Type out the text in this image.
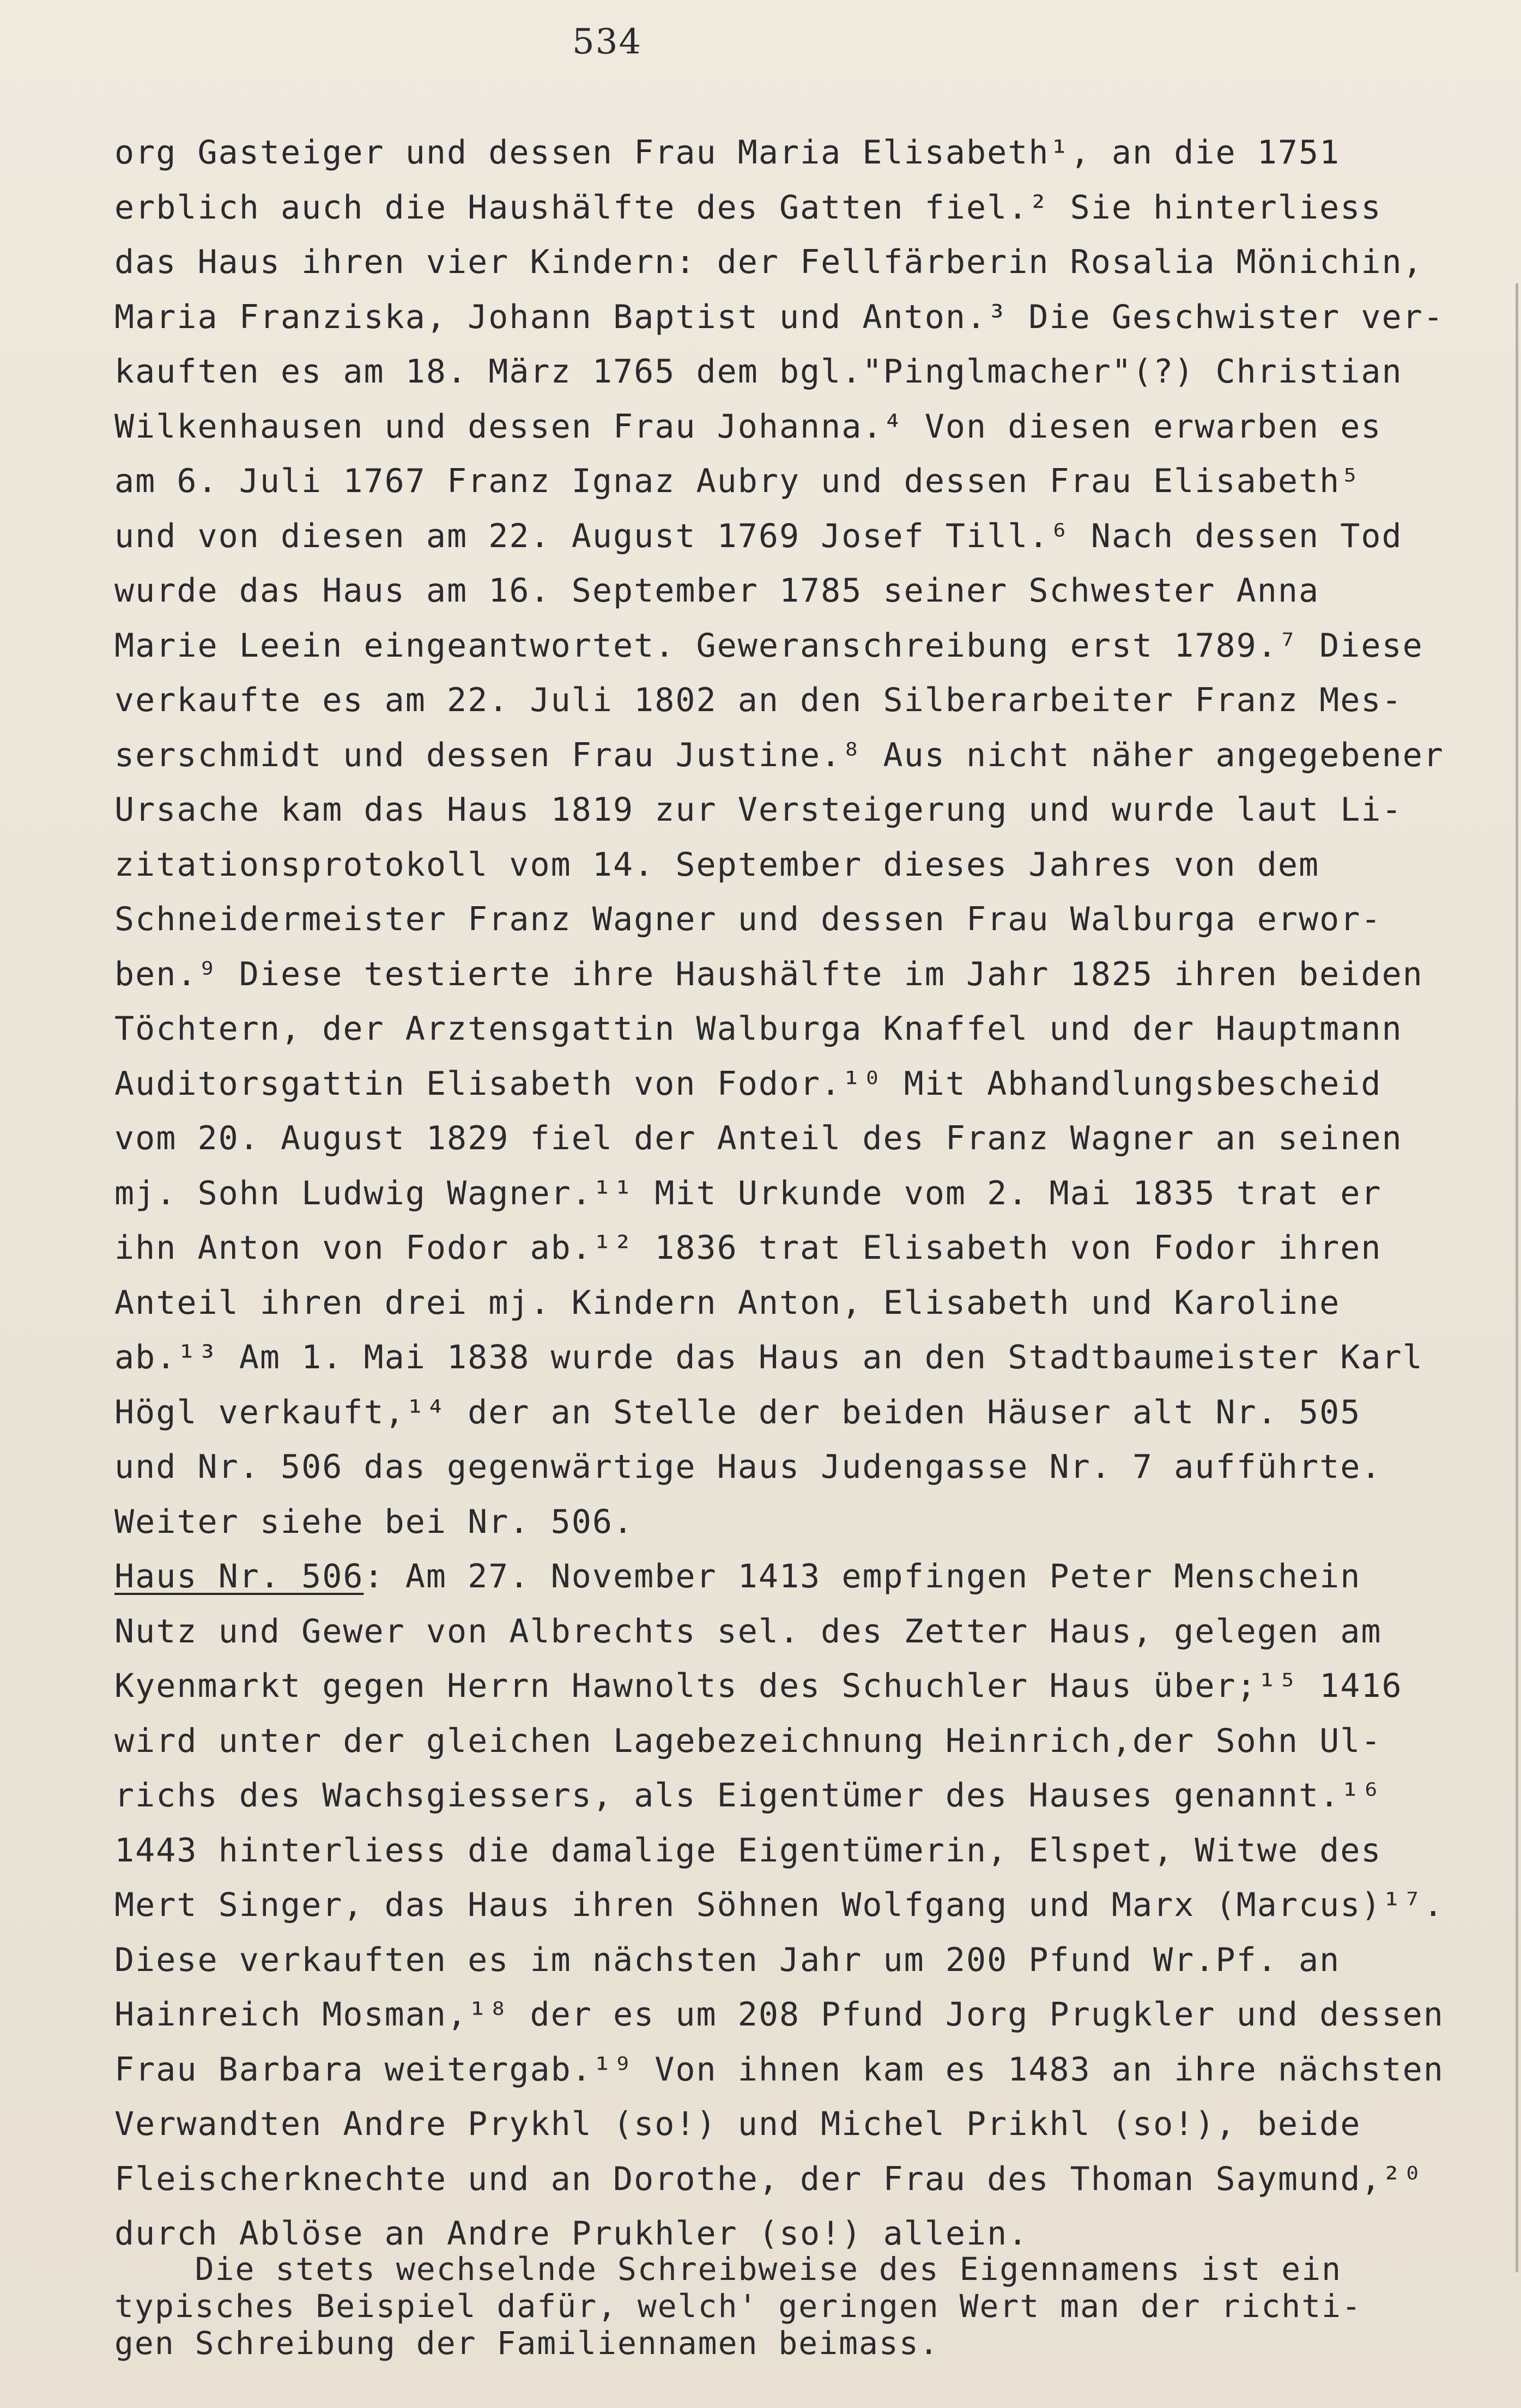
534
org Gasteiger und dessen Frau Maria Elisabeth¹, an die 1751
erblich auch die Haushälfte des Gatten fiel.² Sie hinterliess
das Haus ihren vier Kindern: der Fellfärberin Rosalia Mönichin,
Maria Franziska, Johann Baptist und Anton.³ Die Geschwister ver-
kauften es am 18. März 1765 dem bgl."Pinglmacher"(?) Christian
Wilkenhausen und dessen Frau Johanna.⁴ Von diesen erwarben es
am 6. Juli 1767 Franz Ignaz Aubry und dessen Frau Elisabeth⁵
und von diesen am 22. August 1769 Josef Till.⁶ Nach dessen Tod
wurde das Haus am 16. September 1785 seiner Schwester Anna
Marie Leein eingeantwortet. Geweranschreibung erst 1789.⁷ Diese
verkaufte es am 22. Juli 1802 an den Silberarbeiter Franz Mes-
serschmidt und dessen Frau Justine.⁸ Aus nicht näher angegebener
Ursache kam das Haus 1819 zur Versteigerung und wurde laut Li-
zitationsprotokoll vom 14. September dieses Jahres von dem
Schneidermeister Franz Wagner und dessen Frau Walburga erwor-
ben.⁹ Diese testierte ihre Haushälfte im Jahr 1825 ihren beiden
Töchtern, der Arztensgattin Walburga Knaffel und der Hauptmann
Auditorsgattin Elisabeth von Fodor.¹⁰ Mit Abhandlungsbescheid
vom 20. August 1829 fiel der Anteil des Franz Wagner an seinen
mj. Sohn Ludwig Wagner.¹¹ Mit Urkunde vom 2. Mai 1835 trat er
ihn Anton von Fodor ab.¹² 1836 trat Elisabeth von Fodor ihren
Anteil ihren drei mj. Kindern Anton, Elisabeth und Karoline
ab.¹³ Am 1. Mai 1838 wurde das Haus an den Stadtbaumeister Karl
Högl verkauft,¹⁴ der an Stelle der beiden Häuser alt Nr. 505
und Nr. 506 das gegenwärtige Haus Judengasse Nr. 7 aufführte.
Weiter siehe bei Nr. 506.
Haus Nr. 506: Am 27. November 1413 empfingen Peter Menschein
Nutz und Gewer von Albrechts sel. des Zetter Haus, gelegen am
Kyenmarkt gegen Herrn Hawnolts des Schuchler Haus über;¹⁵ 1416
wird unter der gleichen Lagebezeichnung Heinrich,der Sohn Ul-
richs des Wachsgiessers, als Eigentümer des Hauses genannt.¹⁶
1443 hinterliess die damalige Eigentümerin, Elspet, Witwe des
Mert Singer, das Haus ihren Söhnen Wolfgang und Marx (Marcus)¹⁷.
Diese verkauften es im nächsten Jahr um 200 Pfund Wr.Pf. an
Hainreich Mosman,¹⁸ der es um 208 Pfund Jorg Prugkler und dessen
Frau Barbara weitergab.¹⁹ Von ihnen kam es 1483 an ihre nächsten
Verwandten Andre Prykhl (so!) und Michel Prikhl (so!), beide
Fleischerknechte und an Dorothe, der Frau des Thoman Saymund,²⁰
durch Ablöse an Andre Prukhler (so!) allein.
Die stets wechselnde Schreibweise des Eigennamens ist ein
typisches Beispiel dafür, welch' geringen Wert man der richti-
gen Schreibung der Familiennamen beimass.
